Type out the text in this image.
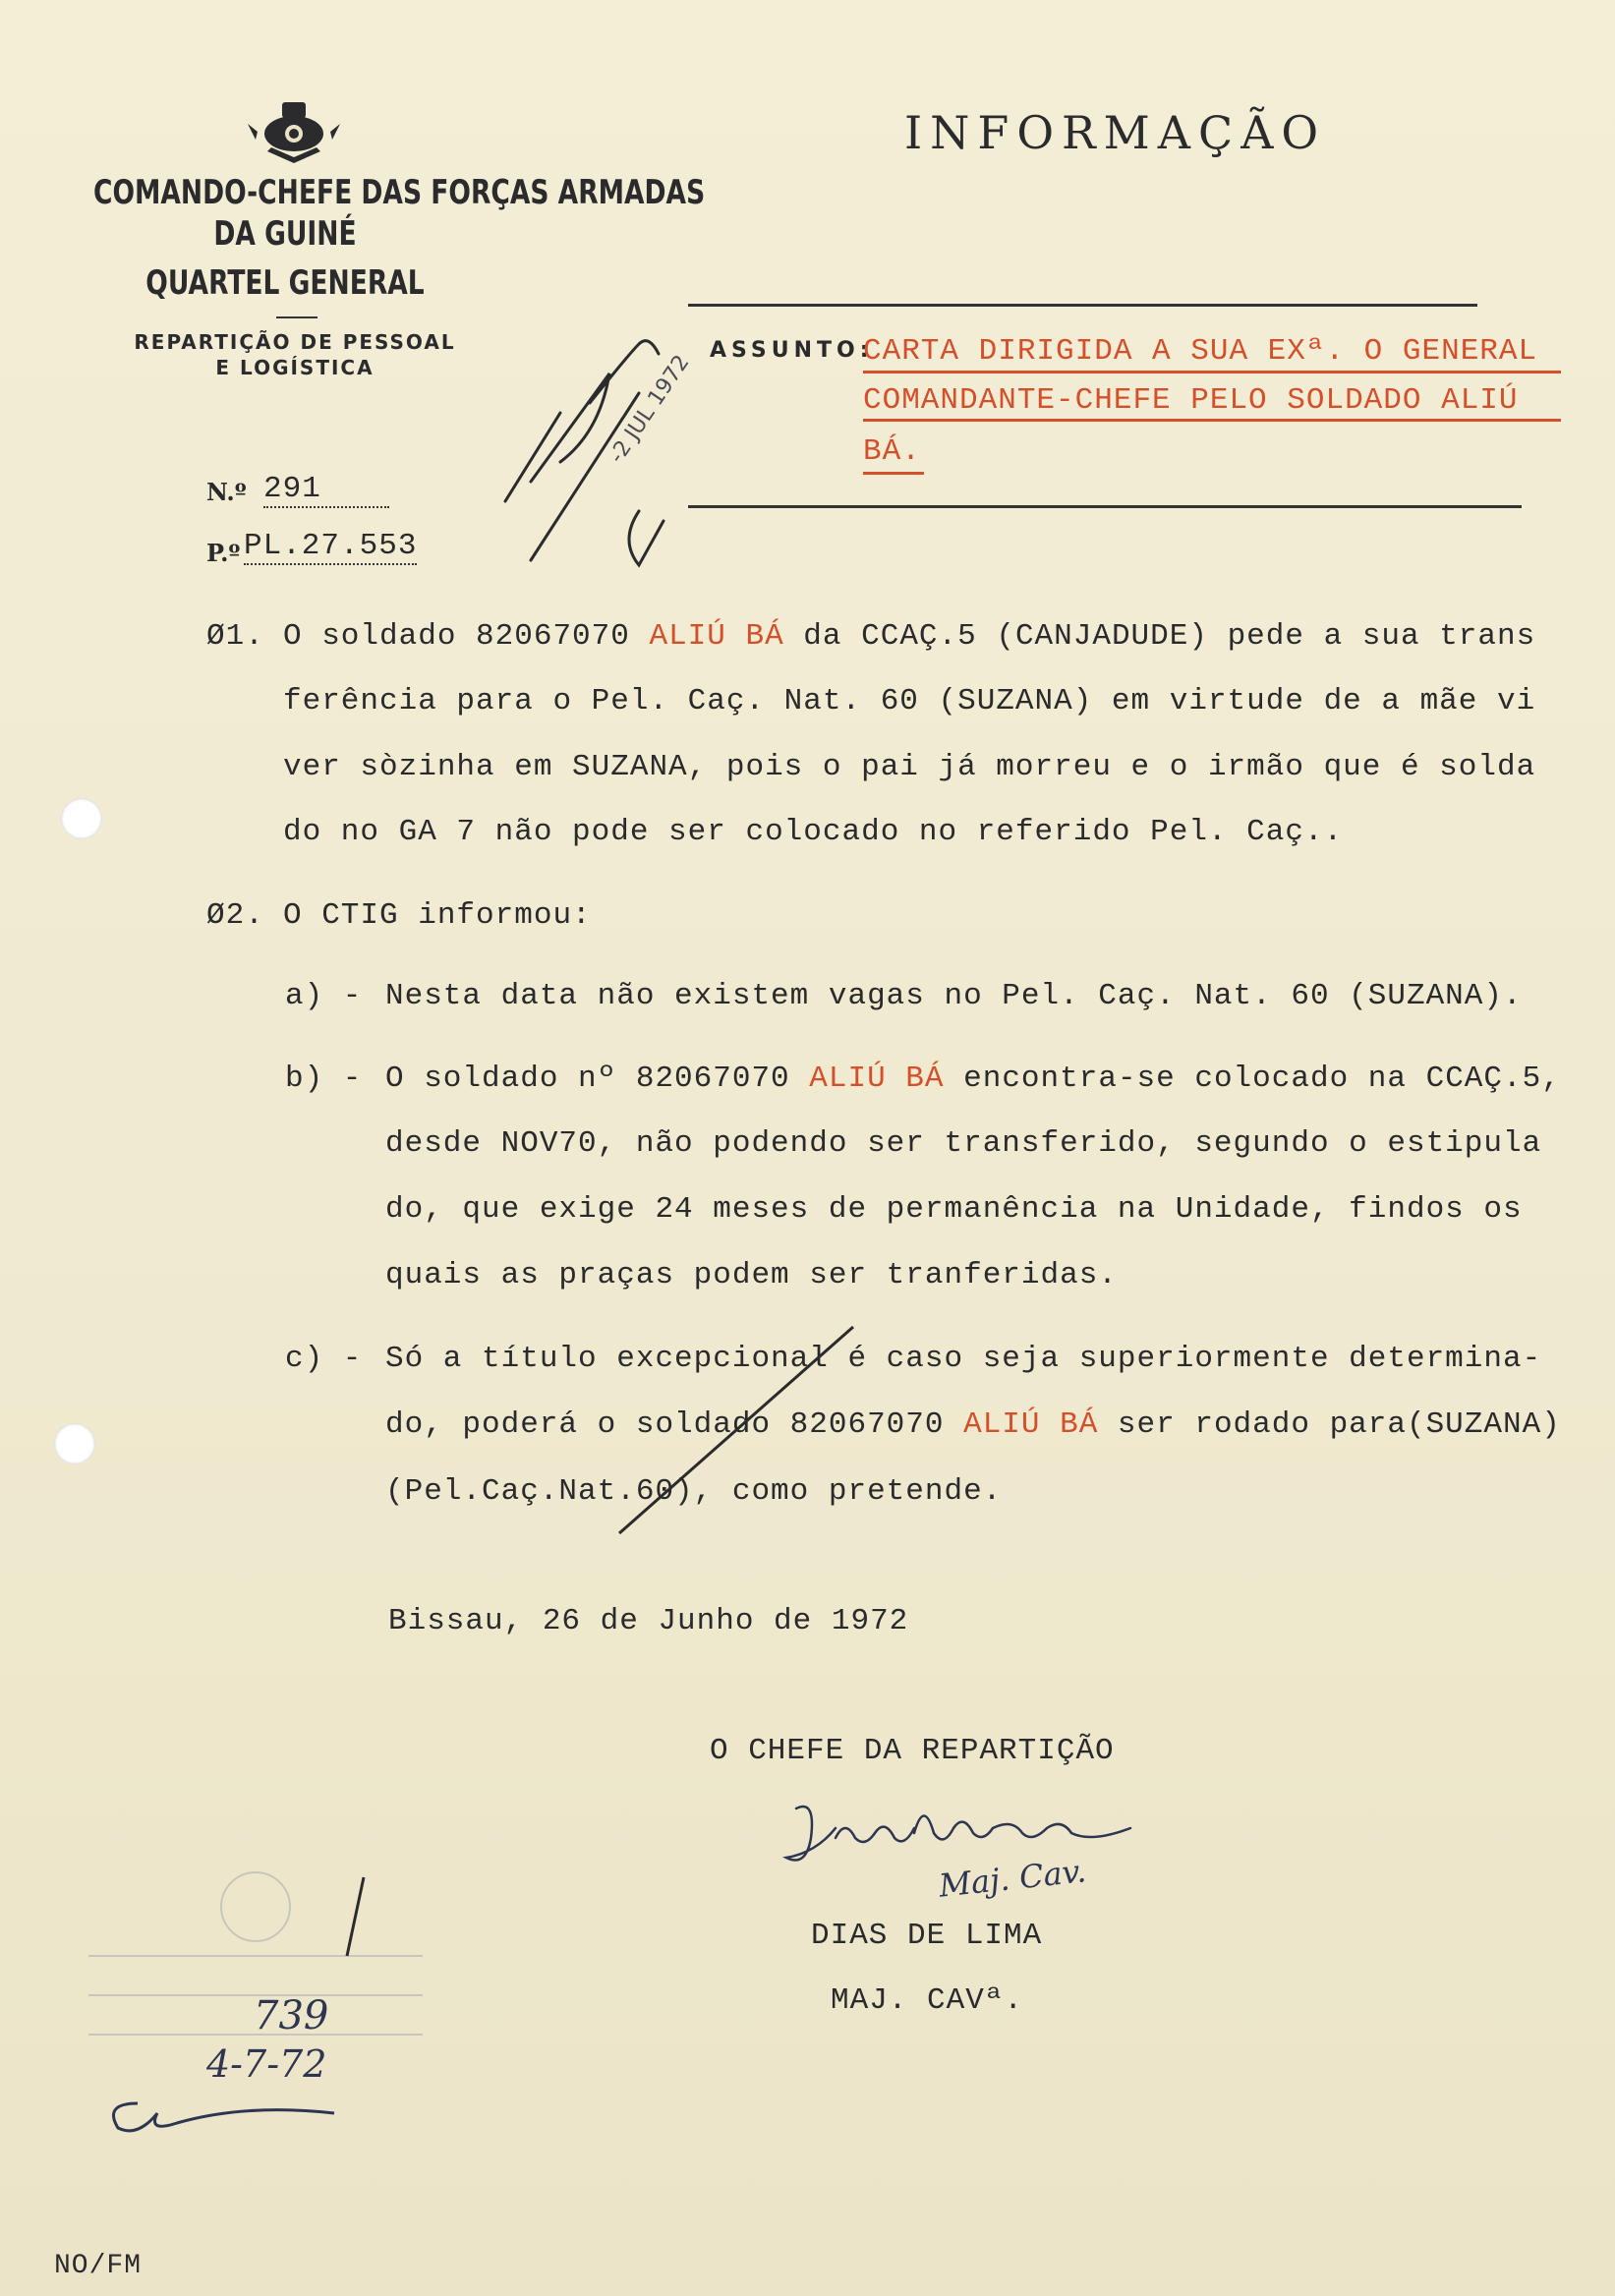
COMANDO-CHEFE DAS FORÇAS ARMADAS
DA GUINÉ
QUARTEL GENERAL
REPARTIÇÃO DE PESSOAL
E LOGÍSTICA
N.º 291
P.º PL.27.553
INFORMAÇÃO
ASSUNTO:
CARTA DIRIGIDA A SUA EXª. O GENERAL
COMANDANTE-CHEFE PELO SOLDADO ALIÚ
BÁ.
-2 JUL 1972
Ø1. O soldado 82067070 ALIÚ BÁ da CCAÇ.5 (CANJADUDE) pede a sua trans
ferência para o Pel. Caç. Nat. 60 (SUZANA) em virtude de a mãe vi
ver sòzinha em SUZANA, pois o pai já morreu e o irmão que é solda
do no GA 7 não pode ser colocado no referido Pel. Caç..
Ø2. O CTIG informou:
a) - Nesta data não existem vagas no Pel. Caç. Nat. 60 (SUZANA).
b) - O soldado nº 82067070 ALIÚ BÁ encontra-se colocado na CCAÇ.5,
desde NOV70, não podendo ser transferido, segundo o estipula
do, que exige 24 meses de permanência na Unidade, findos os
quais as praças podem ser tranferidas.
c) - Só a título excepcional é caso seja superiormente determina-
do, poderá o soldado 82067070 ALIÚ BÁ ser rodado para(SUZANA)
(Pel.Caç.Nat.60), como pretende.
Bissau, 26 de Junho de 1972
O CHEFE DA REPARTIÇÃO
Maj. Cav.
DIAS DE LIMA
MAJ. CAVª.
739
4-7-72
NO/FM
